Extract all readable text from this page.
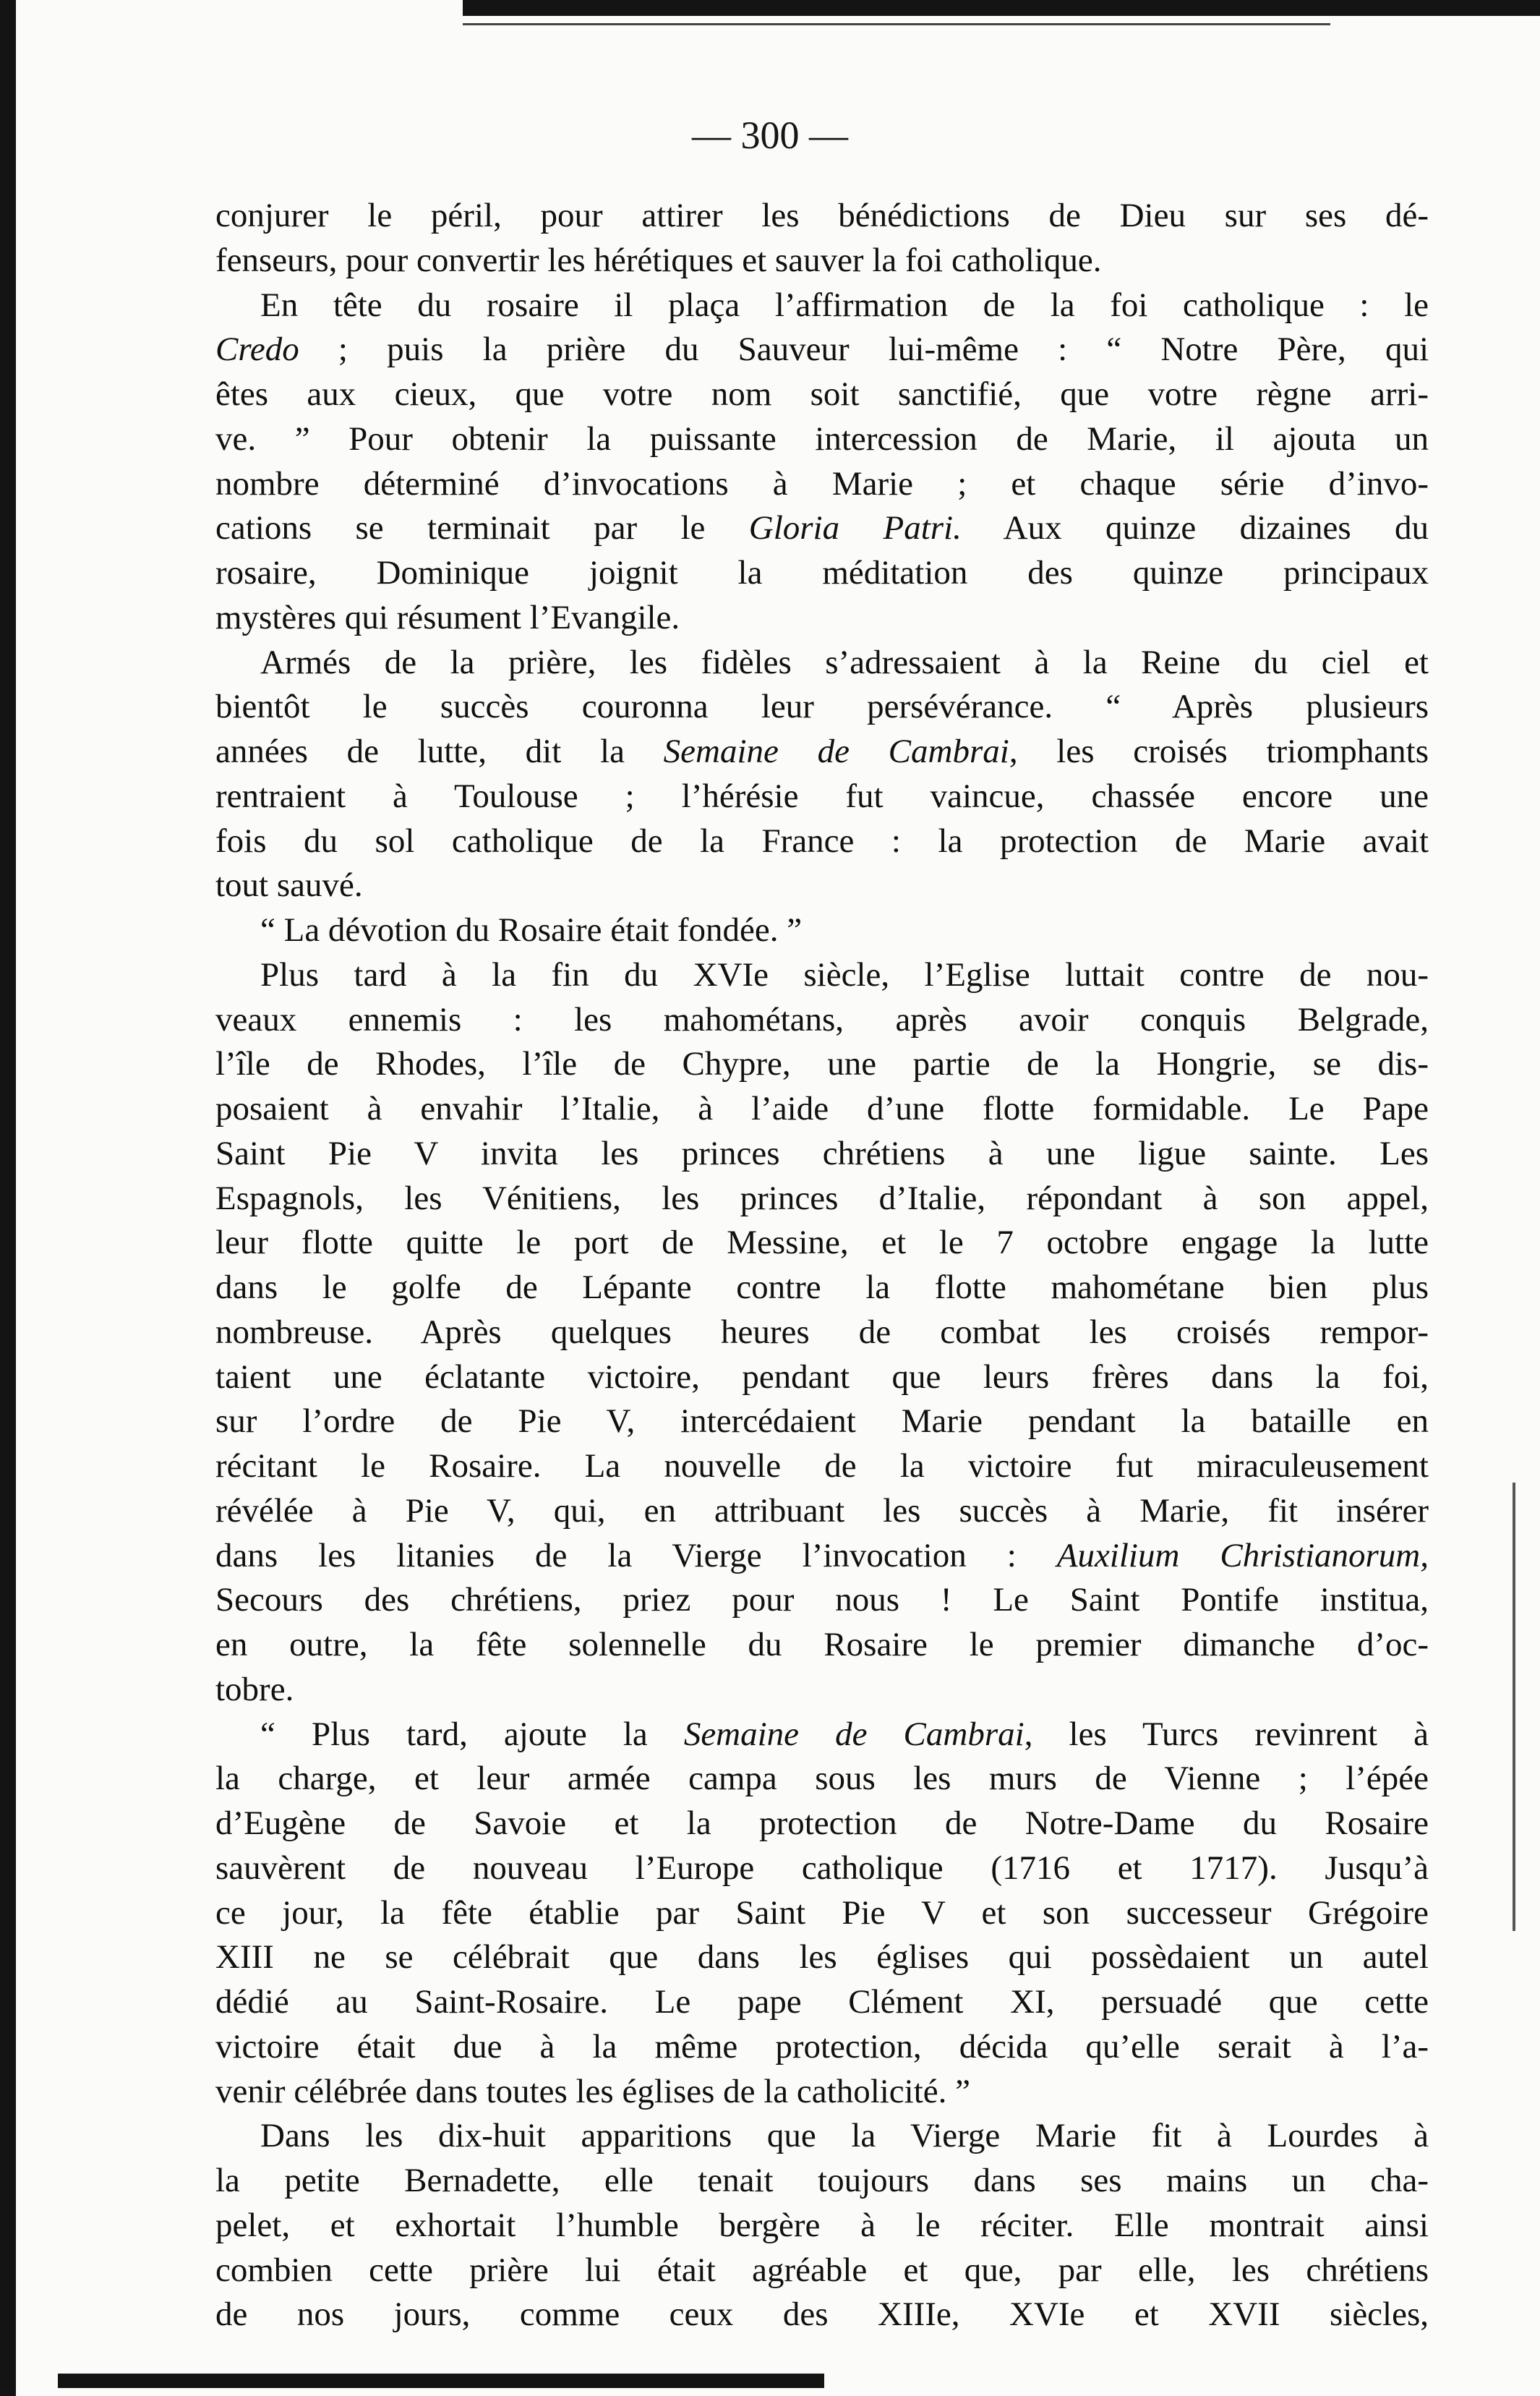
— 300 —
conjurer le péril, pour attirer les bénédictions de Dieu sur ses dé-
fenseurs, pour convertir les hérétiques et sauver la foi catholique.
En tête du rosaire il plaça l’affirmation de la foi catholique : le
Credo ; puis la prière du Sauveur lui-même : “ Notre Père, qui
êtes aux cieux, que votre nom soit sanctifié, que votre règne arri-
ve. ” Pour obtenir la puissante intercession de Marie, il ajouta un
nombre déterminé d’invocations à Marie ; et chaque série d’invo-
cations se terminait par le Gloria Patri. Aux quinze dizaines du
rosaire, Dominique joignit la méditation des quinze principaux
mystères qui résument l’Evangile.
Armés de la prière, les fidèles s’adressaient à la Reine du ciel et
bientôt le succès couronna leur persévérance. “ Après plusieurs
années de lutte, dit la Semaine de Cambrai, les croisés triomphants
rentraient à Toulouse ; l’hérésie fut vaincue, chassée encore une
fois du sol catholique de la France : la protection de Marie avait
tout sauvé.
“ La dévotion du Rosaire était fondée. ”
Plus tard à la fin du XVIe siècle, l’Eglise luttait contre de nou-
veaux ennemis : les mahométans, après avoir conquis Belgrade,
l’île de Rhodes, l’île de Chypre, une partie de la Hongrie, se dis-
posaient à envahir l’Italie, à l’aide d’une flotte formidable. Le Pape
Saint Pie V invita les princes chrétiens à une ligue sainte. Les
Espagnols, les Vénitiens, les princes d’Italie, répondant à son appel,
leur flotte quitte le port de Messine, et le 7 octobre engage la lutte
dans le golfe de Lépante contre la flotte mahométane bien plus
nombreuse. Après quelques heures de combat les croisés rempor-
taient une éclatante victoire, pendant que leurs frères dans la foi,
sur l’ordre de Pie V, intercédaient Marie pendant la bataille en
récitant le Rosaire. La nouvelle de la victoire fut miraculeusement
révélée à Pie V, qui, en attribuant les succès à Marie, fit insérer
dans les litanies de la Vierge l’invocation : Auxilium Christianorum,
Secours des chrétiens, priez pour nous ! Le Saint Pontife institua,
en outre, la fête solennelle du Rosaire le premier dimanche d’oc-
tobre.
“ Plus tard, ajoute la Semaine de Cambrai, les Turcs revinrent à
la charge, et leur armée campa sous les murs de Vienne ; l’épée
d’Eugène de Savoie et la protection de Notre-Dame du Rosaire
sauvèrent de nouveau l’Europe catholique (1716 et 1717). Jusqu’à
ce jour, la fête établie par Saint Pie V et son successeur Grégoire
XIII ne se célébrait que dans les églises qui possèdaient un autel
dédié au Saint-Rosaire. Le pape Clément XI, persuadé que cette
victoire était due à la même protection, décida qu’elle serait à l’a-
venir célébrée dans toutes les églises de la catholicité. ”
Dans les dix-huit apparitions que la Vierge Marie fit à Lourdes à
la petite Bernadette, elle tenait toujours dans ses mains un cha-
pelet, et exhortait l’humble bergère à le réciter. Elle montrait ainsi
combien cette prière lui était agréable et que, par elle, les chrétiens
de nos jours, comme ceux des XIIIe, XVIe et XVII siècles,
